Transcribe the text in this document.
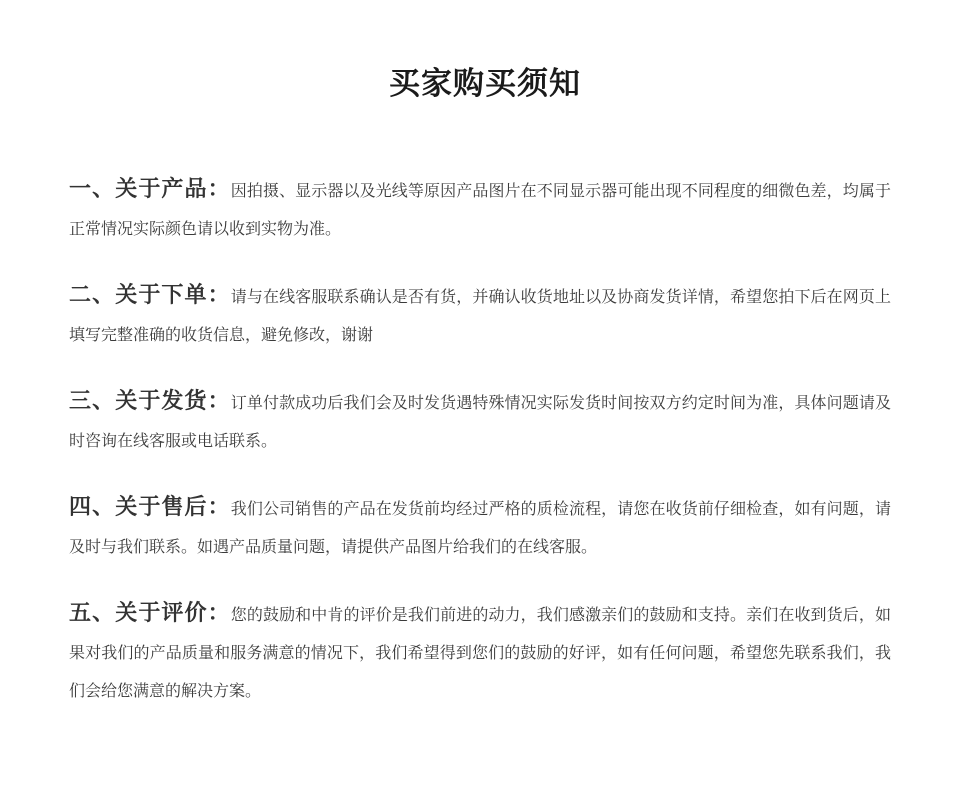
买家购买须知
一、关于产品：因拍摄、显示器以及光线等原因产品图片在不同显示器可能出现不同程度的细微色差，均属于正常情况实际颜色请以收到实物为准。
二、关于下单：请与在线客服联系确认是否有货，并确认收货地址以及协商发货详情，希望您拍下后在网页上填写完整准确的收货信息，避免修改，谢谢
三、关于发货：订单付款成功后我们会及时发货遇特殊情况实际发货时间按双方约定时间为准，具体问题请及时咨询在线客服或电话联系。
四、关于售后：我们公司销售的产品在发货前均经过严格的质检流程，请您在收货前仔细检查，如有问题，请及时与我们联系。如遇产品质量问题，请提供产品图片给我们的在线客服。
五、关于评价：您的鼓励和中肯的评价是我们前进的动力，我们感激亲们的鼓励和支持。亲们在收到货后，如果对我们的产品质量和服务满意的情况下，我们希望得到您们的鼓励的好评，如有任何问题，希望您先联系我们，我们会给您满意的解决方案。
